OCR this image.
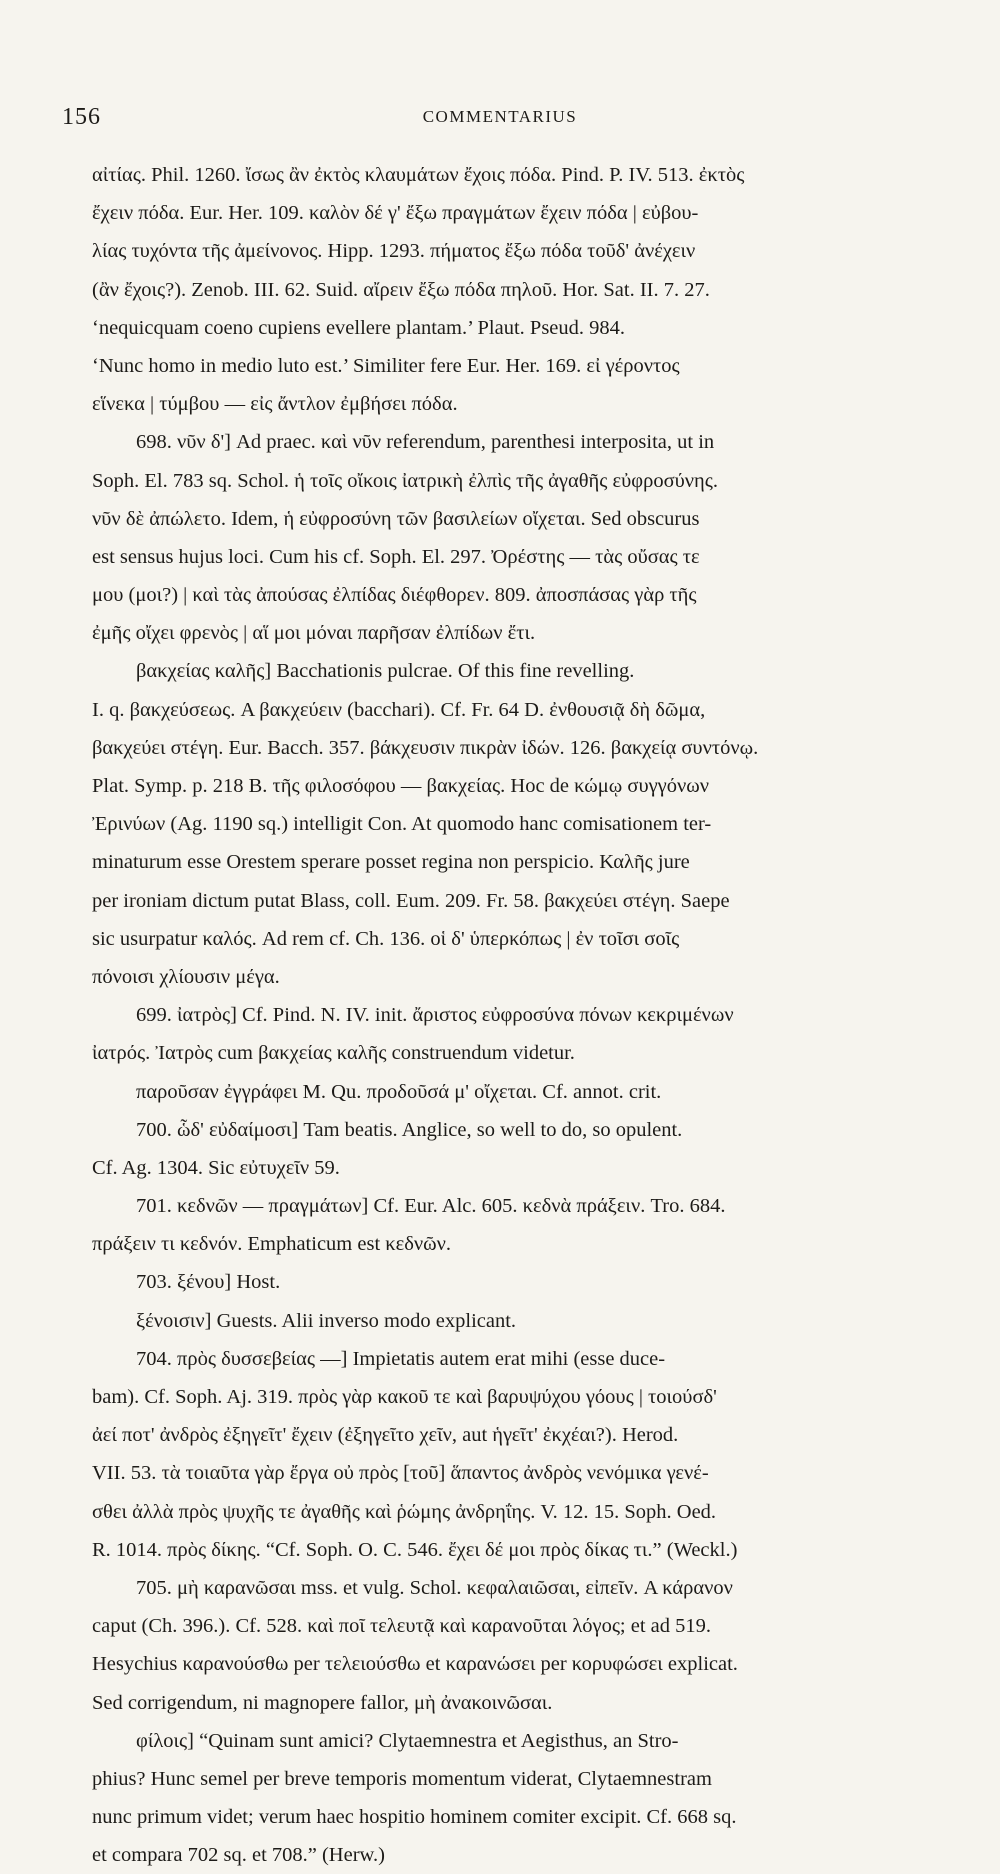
156	COMMENTARIUS
αἰτίας. Phil. 1260. ἴσως ἂν ἐκτὸς κλαυμάτων ἔχοις πόδα. Pind. P. IV. 513. ἐκτὸς
ἔχειν πόδα. Eur. Her. 109. καλὸν δέ γ' ἔξω πραγμάτων ἔχειν πόδα | εὐβου-
λίας τυχόντα τῆς ἀμείνονος. Hipp. 1293. πήματος ἔξω πόδα τοῦδ' ἀνέχειν
(ἂν ἔχοις?). Zenob. III. 62. Suid. αἴρειν ἔξω πόδα πηλοῦ. Hor. Sat. II. 7. 27.
‘nequicquam coeno cupiens evellere plantam.’ Plaut. Pseud. 984.
‘Nunc homo in medio luto est.’ Similiter fere Eur. Her. 169. εἰ γέροντος
εἵνεκα | τύμβου — εἰς ἄντλον ἐμβήσει πόδα.
698. νῦν δ'] Ad praec. καὶ νῦν referendum, parenthesi interposita, ut in
Soph. El. 783 sq. Schol. ἡ τοῖς οἴκοις ἰατρικὴ ἐλπὶς τῆς ἀγαθῆς εὐφροσύνης.
νῦν δὲ ἀπώλετο. Idem, ἡ εὐφροσύνη τῶν βασιλείων οἴχεται. Sed obscurus
est sensus hujus loci. Cum his cf. Soph. El. 297. Ὀρέστης — τὰς οὔσας τε
μου (μοι?) | καὶ τὰς ἀπούσας ἐλπίδας διέφθορεν. 809. ἀποσπάσας γὰρ τῆς
ἐμῆς οἴχει φρενὸς | αἵ μοι μόναι παρῆσαν ἐλπίδων ἔτι.
βακχείας καλῆς] Bacchationis pulcrae. Of this fine revelling.
I. q. βακχεύσεως. A βακχεύειν (bacchari). Cf. Fr. 64 D. ἐνθουσιᾷ δὴ δῶμα,
βακχεύει στέγη. Eur. Bacch. 357. βάκχευσιν πικρὰν ἰδών. 126. βακχείᾳ συντόνῳ.
Plat. Symp. p. 218 B. τῆς φιλοσόφου — βακχείας. Hoc de κώμῳ συγγόνων
Ἐρινύων (Ag. 1190 sq.) intelligit Con. At quomodo hanc comisationem ter-
minaturum esse Orestem sperare posset regina non perspicio. Καλῆς jure
per ironiam dictum putat Blass, coll. Eum. 209. Fr. 58. βακχεύει στέγη. Saepe
sic usurpatur καλός. Ad rem cf. Ch. 136. οἱ δ' ὑπερκόπως | ἐν τοῖσι σοῖς
πόνοισι χλίουσιν μέγα.
699. ἰατρὸς] Cf. Pind. N. IV. init. ἄριστος εὐφροσύνα πόνων κεκριμένων
ἰατρός. Ἰατρὸς cum βακχείας καλῆς construendum videtur.
παροῦσαν ἐγγράφει M. Qu. προδοῦσά μ' οἴχεται. Cf. annot. crit.
700. ὧδ' εὐδαίμοσι] Tam beatis. Anglice, so well to do, so opulent.
Cf. Ag. 1304. Sic εὐτυχεῖν 59.
701. κεδνῶν — πραγμάτων] Cf. Eur. Alc. 605. κεδνὰ πράξειν. Tro. 684.
πράξειν τι κεδνόν. Emphaticum est κεδνῶν.
703. ξένου] Host.
ξένοισιν] Guests. Alii inverso modo explicant.
704. πρὸς δυσσεβείας —] Impietatis autem erat mihi (esse duce-
bam). Cf. Soph. Aj. 319. πρὸς γὰρ κακοῦ τε καὶ βαρυψύχου γόους | τοιούσδ'
ἀεί ποτ' ἀνδρὸς ἐξηγεῖτ' ἔχειν (ἐξηγεῖτο χεῖν, aut ἡγεῖτ' ἐκχέαι?). Herod.
VII. 53. τὰ τοιαῦτα γὰρ ἔργα οὐ πρὸς [τοῦ] ἅπαντος ἀνδρὸς νενόμικα γενέ-
σθει ἀλλὰ πρὸς ψυχῆς τε ἀγαθῆς καὶ ῥώμης ἀνδρηΐης. V. 12. 15. Soph. Oed.
R. 1014. πρὸς δίκης. “Cf. Soph. O. C. 546. ἔχει δέ μοι πρὸς δίκας τι.” (Weckl.)
705. μὴ καρανῶσαι mss. et vulg. Schol. κεφαλαιῶσαι, εἰπεῖν. A κάρανον
caput (Ch. 396.). Cf. 528. καὶ ποῖ τελευτᾷ καὶ καρανοῦται λόγος; et ad 519.
Hesychius καρανούσθω per τελειούσθω et καρανώσει per κορυφώσει explicat.
Sed corrigendum, ni magnopere fallor, μὴ ἀνακοινῶσαι.
φίλοις] “Quinam sunt amici? Clytaemnestra et Aegisthus, an Stro-
phius? Hunc semel per breve temporis momentum viderat, Clytaemnestram
nunc primum videt; verum haec hospitio hominem comiter excipit. Cf. 668 sq.
et compara 702 sq. et 708.” (Herw.)
